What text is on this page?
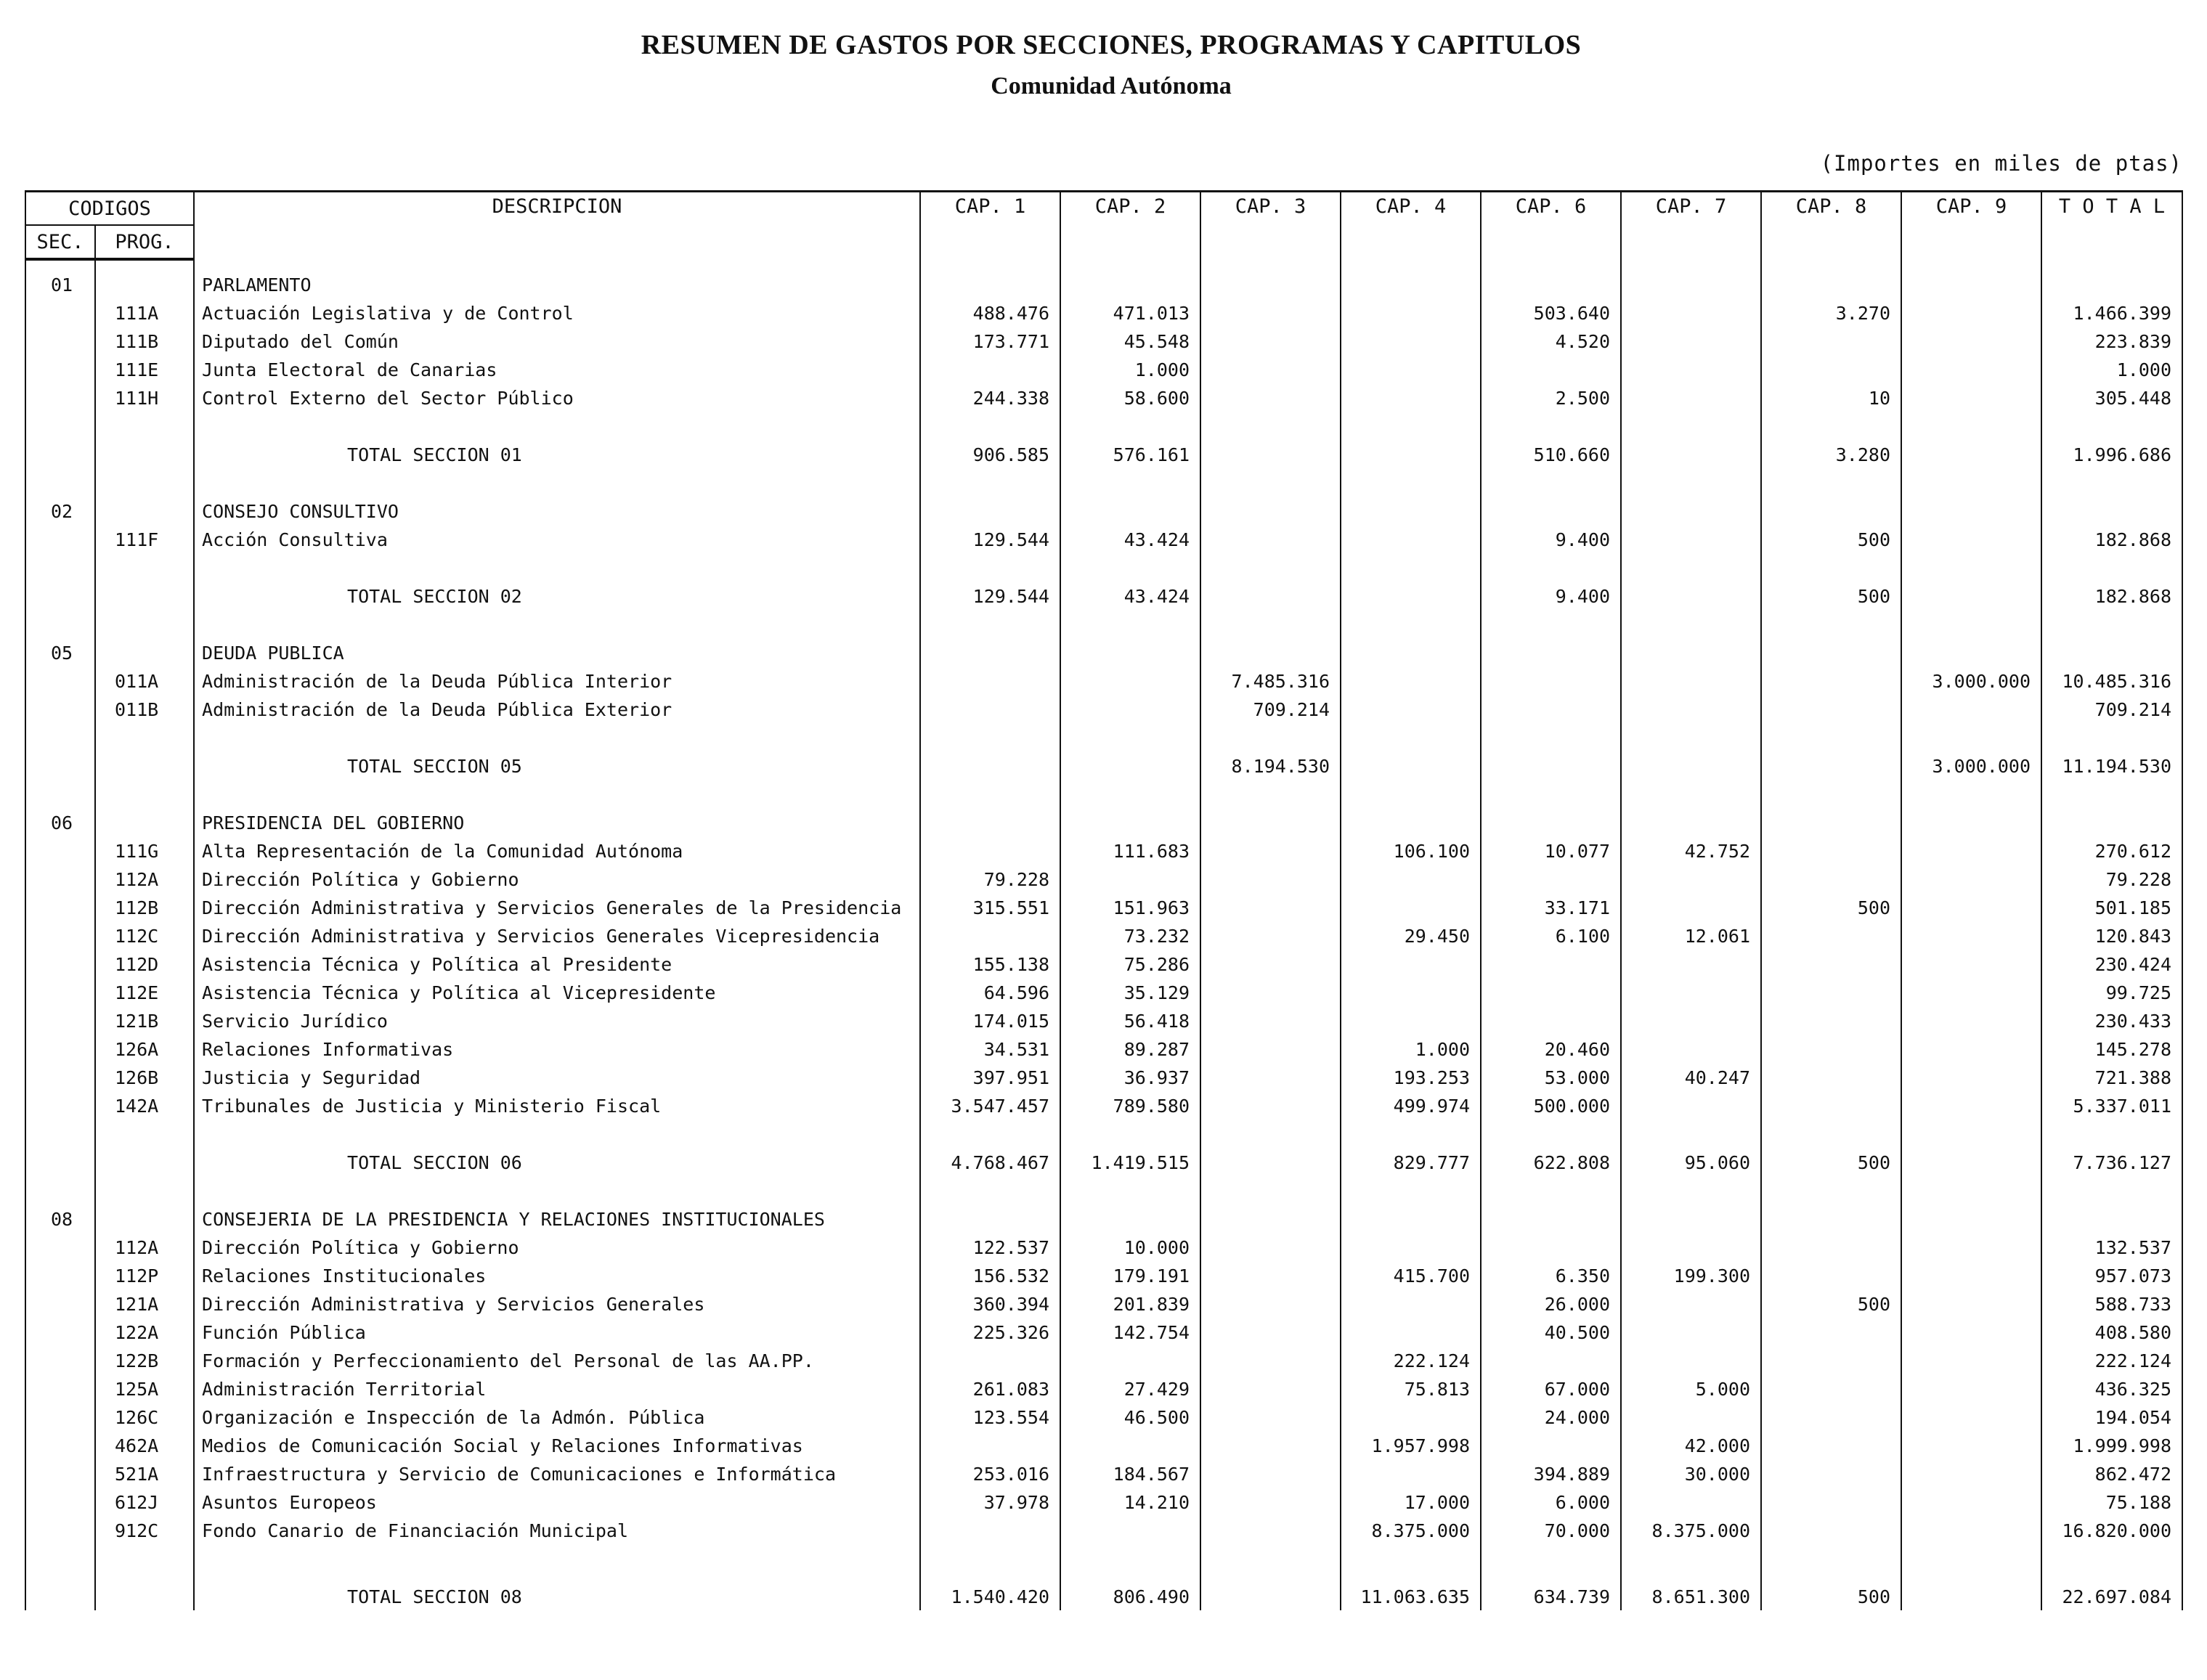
RESUMEN DE GASTOS POR SECCIONES, PROGRAMAS Y CAPITULOS
Comunidad Autónoma
(Importes en miles de ptas)
CODIGOS		DESCRIPCION	CAP. 1	CAP. 2	CAP. 3	CAP. 4	CAP. 6	CAP. 7	CAP. 8	CAP. 9	T O T A L
SEC.	PROG.										
01		PARLAMENTO									
	111A	Actuación Legislativa y de Control	488.476	471.013			503.640		3.270		1.466.399
	111B	Diputado del Común	173.771	45.548			4.520				223.839
	111E	Junta Electoral de Canarias		1.000							1.000
	111H	Control Externo del Sector Público	244.338	58.600			2.500		10		305.448

		TOTAL SECCION 01	906.585	576.161			510.660		3.280		1.996.686

02		CONSEJO CONSULTIVO									
	111F	Acción Consultiva	129.544	43.424			9.400		500		182.868

		TOTAL SECCION 02	129.544	43.424			9.400		500		182.868

05		DEUDA PUBLICA									
	011A	Administración de la Deuda Pública Interior			7.485.316					3.000.000	10.485.316
	011B	Administración de la Deuda Pública Exterior			709.214						709.214

		TOTAL SECCION 05			8.194.530					3.000.000	11.194.530

06		PRESIDENCIA DEL GOBIERNO									
	111G	Alta Representación de la Comunidad Autónoma		111.683		106.100	10.077	42.752			270.612
	112A	Dirección Política y Gobierno	79.228								79.228
	112B	Dirección Administrativa y Servicios Generales de la Presidencia	315.551	151.963			33.171		500		501.185
	112C	Dirección Administrativa y Servicios Generales Vicepresidencia		73.232		29.450	6.100	12.061			120.843
	112D	Asistencia Técnica y Política al Presidente	155.138	75.286							230.424
	112E	Asistencia Técnica y Política al Vicepresidente	64.596	35.129							99.725
	121B	Servicio Jurídico	174.015	56.418							230.433
	126A	Relaciones Informativas	34.531	89.287		1.000	20.460				145.278
	126B	Justicia y Seguridad	397.951	36.937		193.253	53.000	40.247			721.388
	142A	Tribunales de Justicia y Ministerio Fiscal	3.547.457	789.580		499.974	500.000				5.337.011

		TOTAL SECCION 06	4.768.467	1.419.515		829.777	622.808	95.060	500		7.736.127

08		CONSEJERIA DE LA PRESIDENCIA Y RELACIONES INSTITUCIONALES									
	112A	Dirección Política y Gobierno	122.537	10.000							132.537
	112P	Relaciones Institucionales	156.532	179.191		415.700	6.350	199.300			957.073
	121A	Dirección Administrativa y Servicios Generales	360.394	201.839			26.000		500		588.733
	122A	Función Pública	225.326	142.754			40.500				408.580
	122B	Formación y Perfeccionamiento del Personal de las AA.PP.				222.124					222.124
	125A	Administración Territorial	261.083	27.429		75.813	67.000	5.000			436.325
	126C	Organización e Inspección de la Admón. Pública	123.554	46.500			24.000				194.054
	462A	Medios de Comunicación Social y Relaciones Informativas				1.957.998		42.000			1.999.998
	521A	Infraestructura y Servicio de Comunicaciones e Informática	253.016	184.567			394.889	30.000			862.472
	612J	Asuntos Europeos	37.978	14.210		17.000	6.000				75.188
	912C	Fondo Canario de Financiación Municipal				8.375.000	70.000	8.375.000			16.820.000

		TOTAL SECCION 08	1.540.420	806.490		11.063.635	634.739	8.651.300	500		22.697.084
